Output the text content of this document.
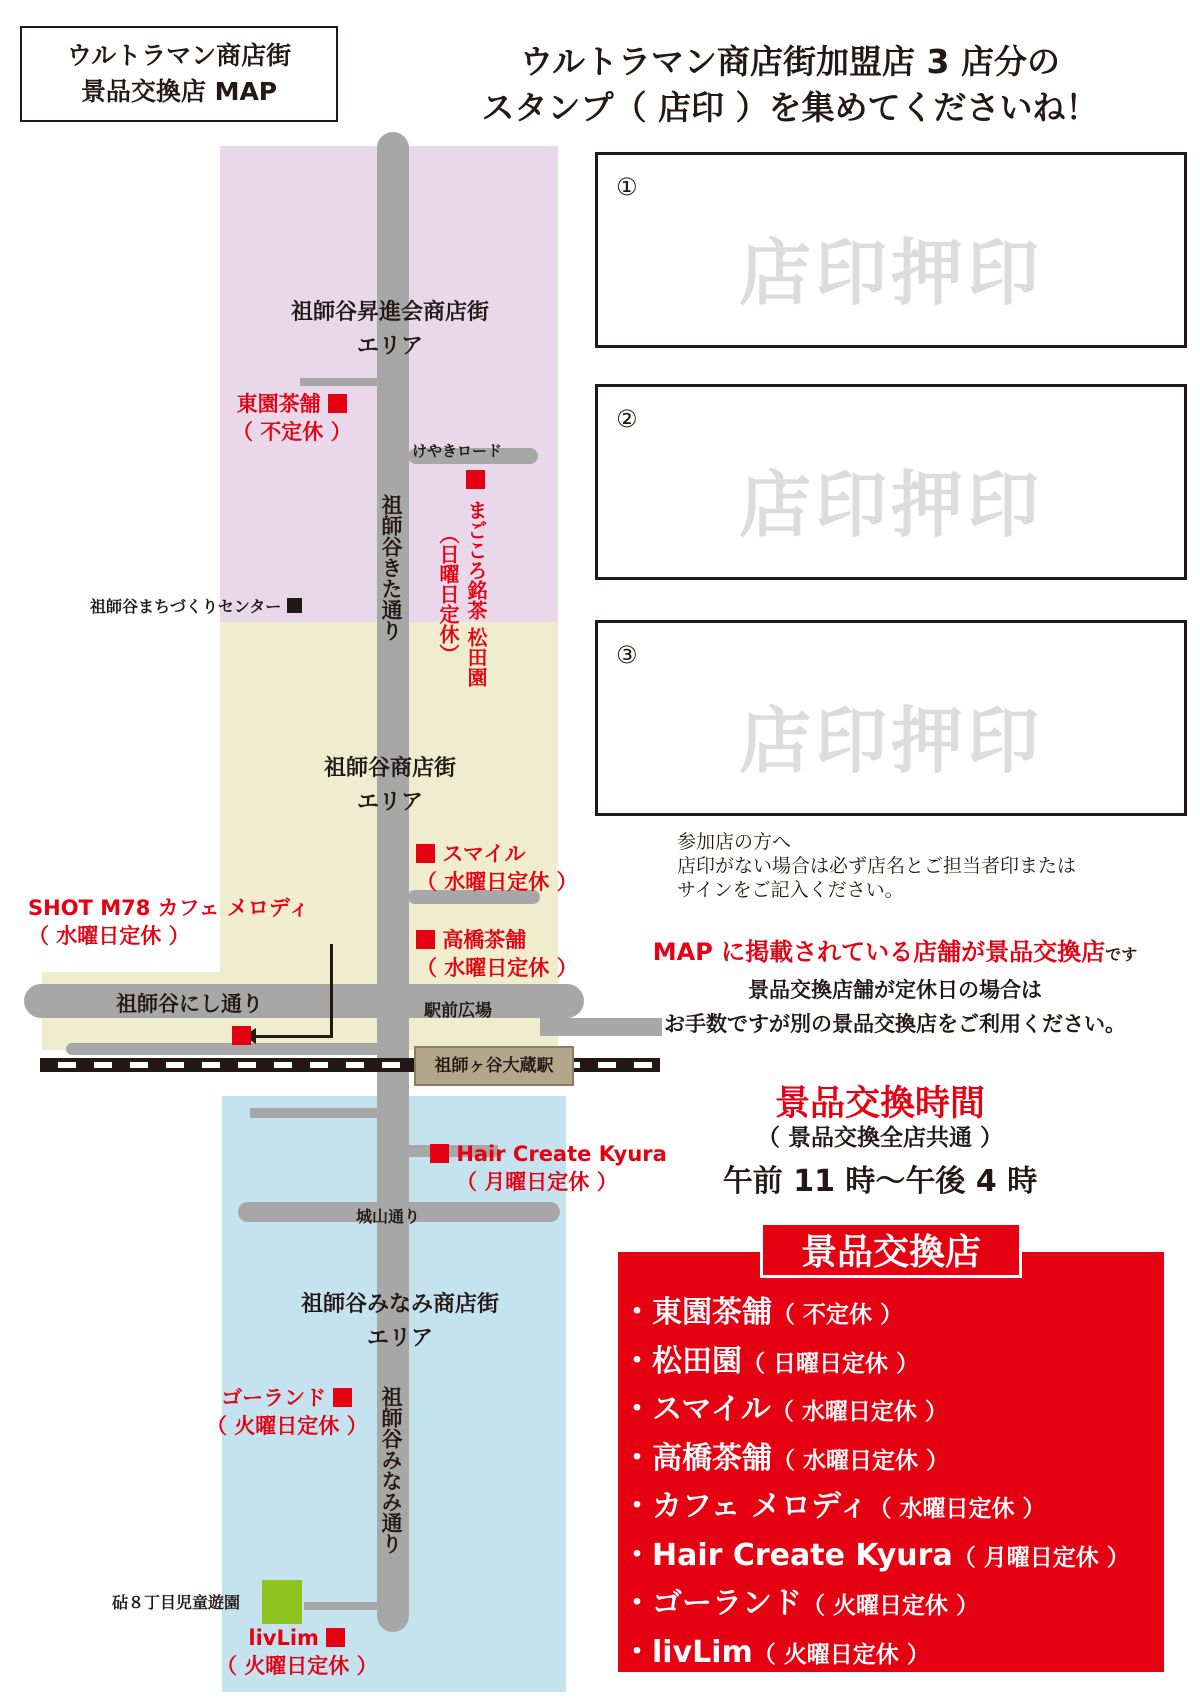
ウルトラマン商店街
景品交換店 MAP
ウルトラマン商店街加盟店 3 店分の
スタンプ（ 店印 ）を集めてくださいね！
祖師ヶ谷大蔵駅
祖師谷昇進会商店街
エリア
祖師谷商店街
エリア
祖師谷みなみ商店街
エリア
祖師谷きた通り
祖師谷みなみ通り
祖師谷にし通り
けやきロード
城山通り
駅前広場
祖師谷まちづくりセンター
砧８丁目児童遊園
東園茶舗
（ 不定休 ）
まごころ銘茶 松田園
（日曜日定休）
スマイル
（ 水曜日定休 ）
SHOT M78 カフェ メロディ
（ 水曜日定休 ）	高橋茶舗
（ 水曜日定休 ）
Hair Create Kyura
（ 月曜日定休 ）
ゴーランド
（ 火曜日定休 ）
livLim
（ 火曜日定休 ）
①
店印押印
②
店印押印
③
店印押印
参加店の方へ
店印がない場合は必ず店名とご担当者印または
サインをご記入ください。
MAP に掲載されている店舗が景品交換店です
景品交換店舗が定休日の場合は
お手数ですが別の景品交換店をご利用ください。
景品交換時間
（ 景品交換全店共通 ）
午前 11 時〜午後 4 時
景品交換店
・東園茶舗（ 不定休 ）
・松田園（ 日曜日定休 ）
・スマイル（ 水曜日定休 ）
・高橋茶舗（ 水曜日定休 ）
・カフェ メロディ（ 水曜日定休 ）
・Hair Create Kyura（ 月曜日定休 ）
・ゴーランド（ 火曜日定休 ）
・livLim（ 火曜日定休 ）
